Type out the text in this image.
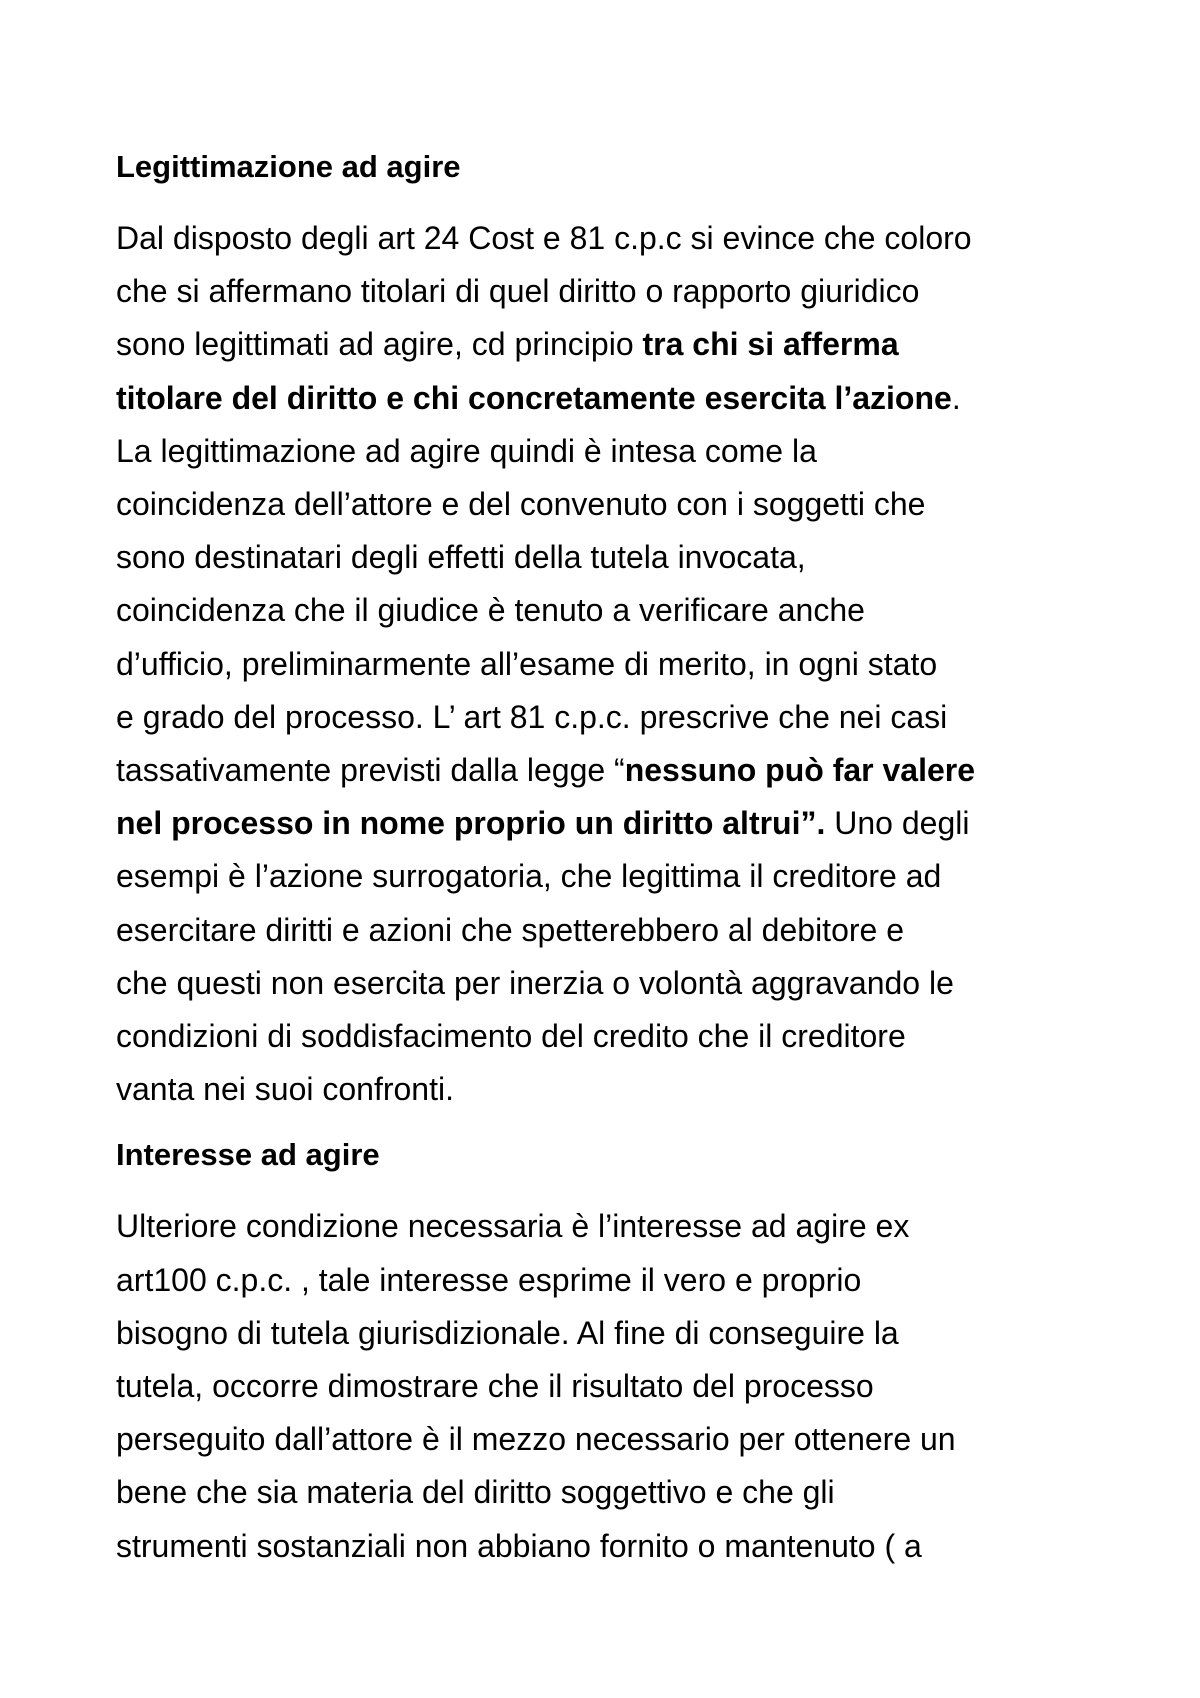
Legittimazione ad agire

Dal disposto degli art 24 Cost e 81 c.p.c si evince che coloro
che si affermano titolari di quel diritto o rapporto giuridico
sono legittimati ad agire, cd principio tra chi si afferma
titolare del diritto e chi concretamente esercita l’azione.
La legittimazione ad agire quindi è intesa come la
coincidenza dell’attore e del convenuto con i soggetti che
sono destinatari degli effetti della tutela invocata,
coincidenza che il giudice è tenuto a verificare anche
d’ufficio, preliminarmente all’esame di merito, in ogni stato
e grado del processo. L’ art 81 c.p.c. prescrive che nei casi
tassativamente previsti dalla legge “nessuno può far valere
nel processo in nome proprio un diritto altrui”. Uno degli
esempi è l’azione surrogatoria, che legittima il creditore ad
esercitare diritti e azioni che spetterebbero al debitore e
che questi non esercita per inerzia o volontà aggravando le
condizioni di soddisfacimento del credito che il creditore
vanta nei suoi confronti.

Interesse ad agire

Ulteriore condizione necessaria è l’interesse ad agire ex
art100 c.p.c. , tale interesse esprime il vero e proprio
bisogno di tutela giurisdizionale. Al fine di conseguire la
tutela, occorre dimostrare che il risultato del processo
perseguito dall’attore è il mezzo necessario per ottenere un
bene che sia materia del diritto soggettivo e che gli
strumenti sostanziali non abbiano fornito o mantenuto ( a
